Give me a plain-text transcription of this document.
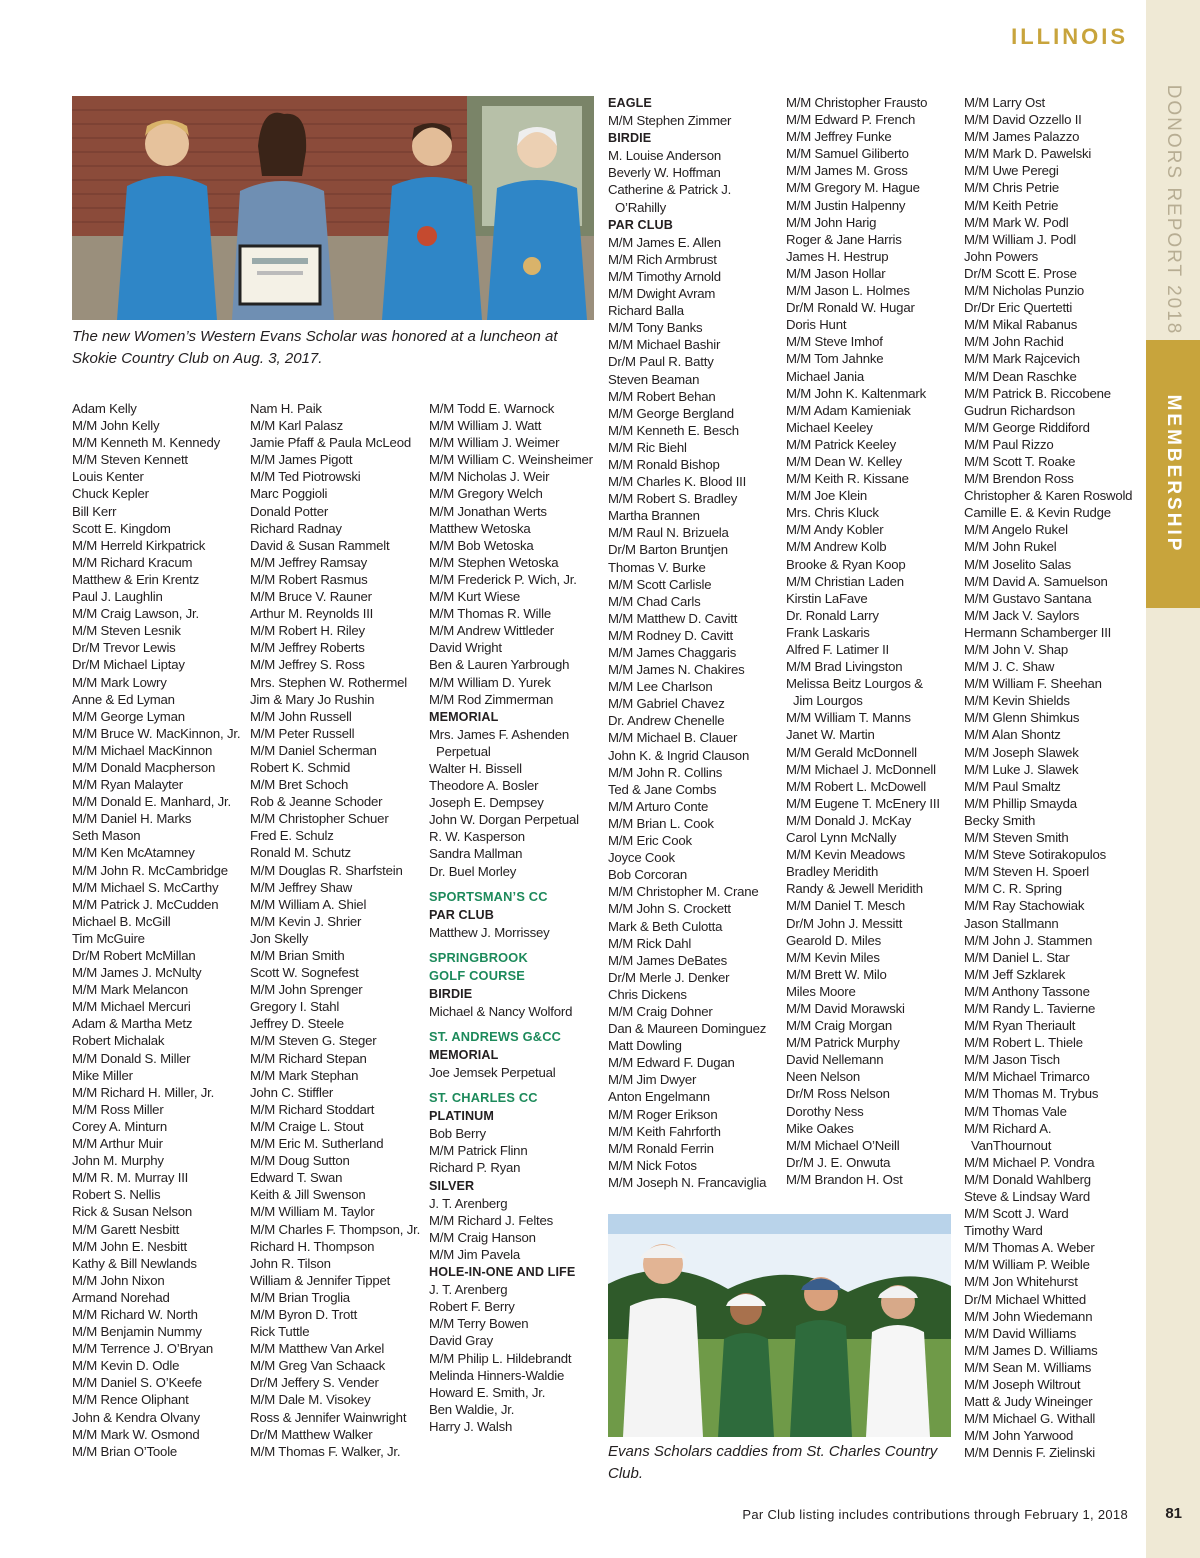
DONORS REPORT 2018
MEMBERSHIP
ILLINOIS
The new Women’s Western Evans Scholar was honored at a luncheon at Skokie Country Club on Aug. 3, 2017.
Evans Scholars caddies from St. Charles Country Club.
Adam Kelly
M/M John Kelly
M/M Kenneth M. Kennedy
M/M Steven Kennett
Louis Kenter
Chuck Kepler
Bill Kerr
Scott E. Kingdom
M/M Herreld Kirkpatrick
M/M Richard Kracum
Matthew & Erin Krentz
Paul J. Laughlin
M/M Craig Lawson, Jr.
M/M Steven Lesnik
Dr/M Trevor Lewis
Dr/M Michael Liptay
M/M Mark Lowry
Anne & Ed Lyman
M/M George Lyman
M/M Bruce W. MacKinnon, Jr.
M/M Michael MacKinnon
M/M Donald Macpherson
M/M Ryan Malayter
M/M Donald E. Manhard, Jr.
M/M Daniel H. Marks
Seth Mason
M/M Ken McAtamney
M/M John R. McCambridge
M/M Michael S. McCarthy
M/M Patrick J. McCudden
Michael B. McGill
Tim McGuire
Dr/M Robert McMillan
M/M James J. McNulty
M/M Mark Melancon
M/M Michael Mercuri
Adam & Martha Metz
Robert Michalak
M/M Donald S. Miller
Mike Miller
M/M Richard H. Miller, Jr.
M/M Ross Miller
Corey A. Minturn
M/M Arthur Muir
John M. Murphy
M/M R. M. Murray III
Robert S. Nellis
Rick & Susan Nelson
M/M Garett Nesbitt
M/M John E. Nesbitt
Kathy & Bill Newlands
M/M John Nixon
Armand Norehad
M/M Richard W. North
M/M Benjamin Nummy
M/M Terrence J. O’Bryan
M/M Kevin D. Odle
M/M Daniel S. O’Keefe
M/M Rence Oliphant
John & Kendra Olvany
M/M Mark W. Osmond
M/M Brian O’Toole
Nam H. Paik
M/M Karl Palasz
Jamie Pfaff & Paula McLeod
M/M James Pigott
M/M Ted Piotrowski
Marc Poggioli
Donald Potter
Richard Radnay
David & Susan Rammelt
M/M Jeffrey Ramsay
M/M Robert Rasmus
M/M Bruce V. Rauner
Arthur M. Reynolds III
M/M Robert H. Riley
M/M Jeffrey Roberts
M/M Jeffrey S. Ross
Mrs. Stephen W. Rothermel
Jim & Mary Jo Rushin
M/M John Russell
M/M Peter Russell
M/M Daniel Scherman
Robert K. Schmid
M/M Bret Schoch
Rob & Jeanne Schoder
M/M Christopher Schuer
Fred E. Schulz
Ronald M. Schutz
M/M Douglas R. Sharfstein
M/M Jeffrey Shaw
M/M William A. Shiel
M/M Kevin J. Shrier
Jon Skelly
M/M Brian Smith
Scott W. Sognefest
M/M John Sprenger
Gregory I. Stahl
Jeffrey D. Steele
M/M Steven G. Steger
M/M Richard Stepan
M/M Mark Stephan
John C. Stiffler
M/M Richard Stoddart
M/M Craige L. Stout
M/M Eric M. Sutherland
M/M Doug Sutton
Edward T. Swan
Keith & Jill Swenson
M/M William M. Taylor
M/M Charles F. Thompson, Jr.
Richard H. Thompson
John R. Tilson
William & Jennifer Tippet
M/M Brian Troglia
M/M Byron D. Trott
Rick Tuttle
M/M Matthew Van Arkel
M/M Greg Van Schaack
Dr/M Jeffery S. Vender
M/M Dale M. Visokey
Ross & Jennifer Wainwright
Dr/M Matthew Walker
M/M Thomas F. Walker, Jr.
M/M Todd E. Warnock
M/M William J. Watt
M/M William J. Weimer
M/M William C. Weinsheimer
M/M Nicholas J. Weir
M/M Gregory Welch
M/M Jonathan Werts
Matthew Wetoska
M/M Bob Wetoska
M/M Stephen Wetoska
M/M Frederick P. Wich, Jr.
M/M Kurt Wiese
M/M Thomas R. Wille
M/M Andrew Wittleder
David Wright
Ben & Lauren Yarbrough
M/M William D. Yurek
M/M Rod Zimmerman
MEMORIAL
Mrs. James F. Ashenden
Perpetual
Walter H. Bissell
Theodore A. Bosler
Joseph E. Dempsey
John W. Dorgan Perpetual
R. W. Kasperson
Sandra Mallman
Dr. Buel Morley
SPORTSMAN’S CC
PAR CLUB
Matthew J. Morrissey
SPRINGBROOK
GOLF COURSE
BIRDIE
Michael & Nancy Wolford
ST. ANDREWS G&CC
MEMORIAL
Joe Jemsek Perpetual
ST. CHARLES CC
PLATINUM
Bob Berry
M/M Patrick Flinn
Richard P. Ryan
SILVER
J. T. Arenberg
M/M Richard J. Feltes
M/M Craig Hanson
M/M Jim Pavela
HOLE-IN-ONE AND LIFE
J. T. Arenberg
Robert F. Berry
M/M Terry Bowen
David Gray
M/M Philip L. Hildebrandt
Melinda Hinners-Waldie
Howard E. Smith, Jr.
Ben Waldie, Jr.
Harry J. Walsh
EAGLE
M/M Stephen Zimmer
BIRDIE
M. Louise Anderson
Beverly W. Hoffman
Catherine & Patrick J.
O’Rahilly
PAR CLUB
M/M James E. Allen
M/M Rich Armbrust
M/M Timothy Arnold
M/M Dwight Avram
Richard Balla
M/M Tony Banks
M/M Michael Bashir
Dr/M Paul R. Batty
Steven Beaman
M/M Robert Behan
M/M George Bergland
M/M Kenneth E. Besch
M/M Ric Biehl
M/M Ronald Bishop
M/M Charles K. Blood III
M/M Robert S. Bradley
Martha Brannen
M/M Raul N. Brizuela
Dr/M Barton Bruntjen
Thomas V. Burke
M/M Scott Carlisle
M/M Chad Carls
M/M Matthew D. Cavitt
M/M Rodney D. Cavitt
M/M James Chaggaris
M/M James N. Chakires
M/M Lee Charlson
M/M Gabriel Chavez
Dr. Andrew Chenelle
M/M Michael B. Clauer
John K. & Ingrid Clauson
M/M John R. Collins
Ted & Jane Combs
M/M Arturo Conte
M/M Brian L. Cook
M/M Eric Cook
Joyce Cook
Bob Corcoran
M/M Christopher M. Crane
M/M John S. Crockett
Mark & Beth Culotta
M/M Rick Dahl
M/M James DeBates
Dr/M Merle J. Denker
Chris Dickens
M/M Craig Dohner
Dan & Maureen Dominguez
Matt Dowling
M/M Edward F. Dugan
M/M Jim Dwyer
Anton Engelmann
M/M Roger Erikson
M/M Keith Fahrforth
M/M Ronald Ferrin
M/M Nick Fotos
M/M Joseph N. Francaviglia
M/M Christopher Frausto
M/M Edward P. French
M/M Jeffrey Funke
M/M Samuel Giliberto
M/M James M. Gross
M/M Gregory M. Hague
M/M Justin Halpenny
M/M John Harig
Roger & Jane Harris
James H. Hestrup
M/M Jason Hollar
M/M Jason L. Holmes
Dr/M Ronald W. Hugar
Doris Hunt
M/M Steve Imhof
M/M Tom Jahnke
Michael Jania
M/M John K. Kaltenmark
M/M Adam Kamieniak
Michael Keeley
M/M Patrick Keeley
M/M Dean W. Kelley
M/M Keith R. Kissane
M/M Joe Klein
Mrs. Chris Kluck
M/M Andy Kobler
M/M Andrew Kolb
Brooke & Ryan Koop
M/M Christian Laden
Kirstin LaFave
Dr. Ronald Larry
Frank Laskaris
Alfred F. Latimer II
M/M Brad Livingston
Melissa Beitz Lourgos &
Jim Lourgos
M/M William T. Manns
Janet W. Martin
M/M Gerald McDonnell
M/M Michael J. McDonnell
M/M Robert L. McDowell
M/M Eugene T. McEnery III
M/M Donald J. McKay
Carol Lynn McNally
M/M Kevin Meadows
Bradley Meridith
Randy & Jewell Meridith
M/M Daniel T. Mesch
Dr/M John J. Messitt
Gearold D. Miles
M/M Kevin Miles
M/M Brett W. Milo
Miles Moore
M/M David Morawski
M/M Craig Morgan
M/M Patrick Murphy
David Nellemann
Neen Nelson
Dr/M Ross Nelson
Dorothy Ness
Mike Oakes
M/M Michael O’Neill
Dr/M J. E. Onwuta
M/M Brandon H. Ost
M/M Larry Ost
M/M David Ozzello II
M/M James Palazzo
M/M Mark D. Pawelski
M/M Uwe Peregi
M/M Chris Petrie
M/M Keith Petrie
M/M Mark W. Podl
M/M William J. Podl
John Powers
Dr/M Scott E. Prose
M/M Nicholas Punzio
Dr/Dr Eric Quertetti
M/M Mikal Rabanus
M/M John Rachid
M/M Mark Rajcevich
M/M Dean Raschke
M/M Patrick B. Riccobene
Gudrun Richardson
M/M George Riddiford
M/M Paul Rizzo
M/M Scott T. Roake
M/M Brendon Ross
Christopher & Karen Roswold
Camille E. & Kevin Rudge
M/M Angelo Rukel
M/M John Rukel
M/M Joselito Salas
M/M David A. Samuelson
M/M Gustavo Santana
M/M Jack V. Saylors
Hermann Schamberger III
M/M John V. Shap
M/M J. C. Shaw
M/M William F. Sheehan
M/M Kevin Shields
M/M Glenn Shimkus
M/M Alan Shontz
M/M Joseph Slawek
M/M Luke J. Slawek
M/M Paul Smaltz
M/M Phillip Smayda
Becky Smith
M/M Steven Smith
M/M Steve Sotirakopulos
M/M Steven H. Spoerl
M/M C. R. Spring
M/M Ray Stachowiak
Jason Stallmann
M/M John J. Stammen
M/M Daniel L. Star
M/M Jeff Szklarek
M/M Anthony Tassone
M/M Randy L. Tavierne
M/M Ryan Theriault
M/M Robert L. Thiele
M/M Jason Tisch
M/M Michael Trimarco
M/M Thomas M. Trybus
M/M Thomas Vale
M/M Richard A.
VanThournout
M/M Michael P. Vondra
M/M Donald Wahlberg
Steve & Lindsay Ward
M/M Scott J. Ward
Timothy Ward
M/M Thomas A. Weber
M/M William P. Weible
M/M Jon Whitehurst
Dr/M Michael Whitted
M/M John Wiedemann
M/M David Williams
M/M James D. Williams
M/M Sean M. Williams
M/M Joseph Wiltrout
Matt & Judy Wineinger
M/M Michael G. Withall
M/M John Yarwood
M/M Dennis F. Zielinski
Par Club listing includes contributions through February 1, 2018 81
